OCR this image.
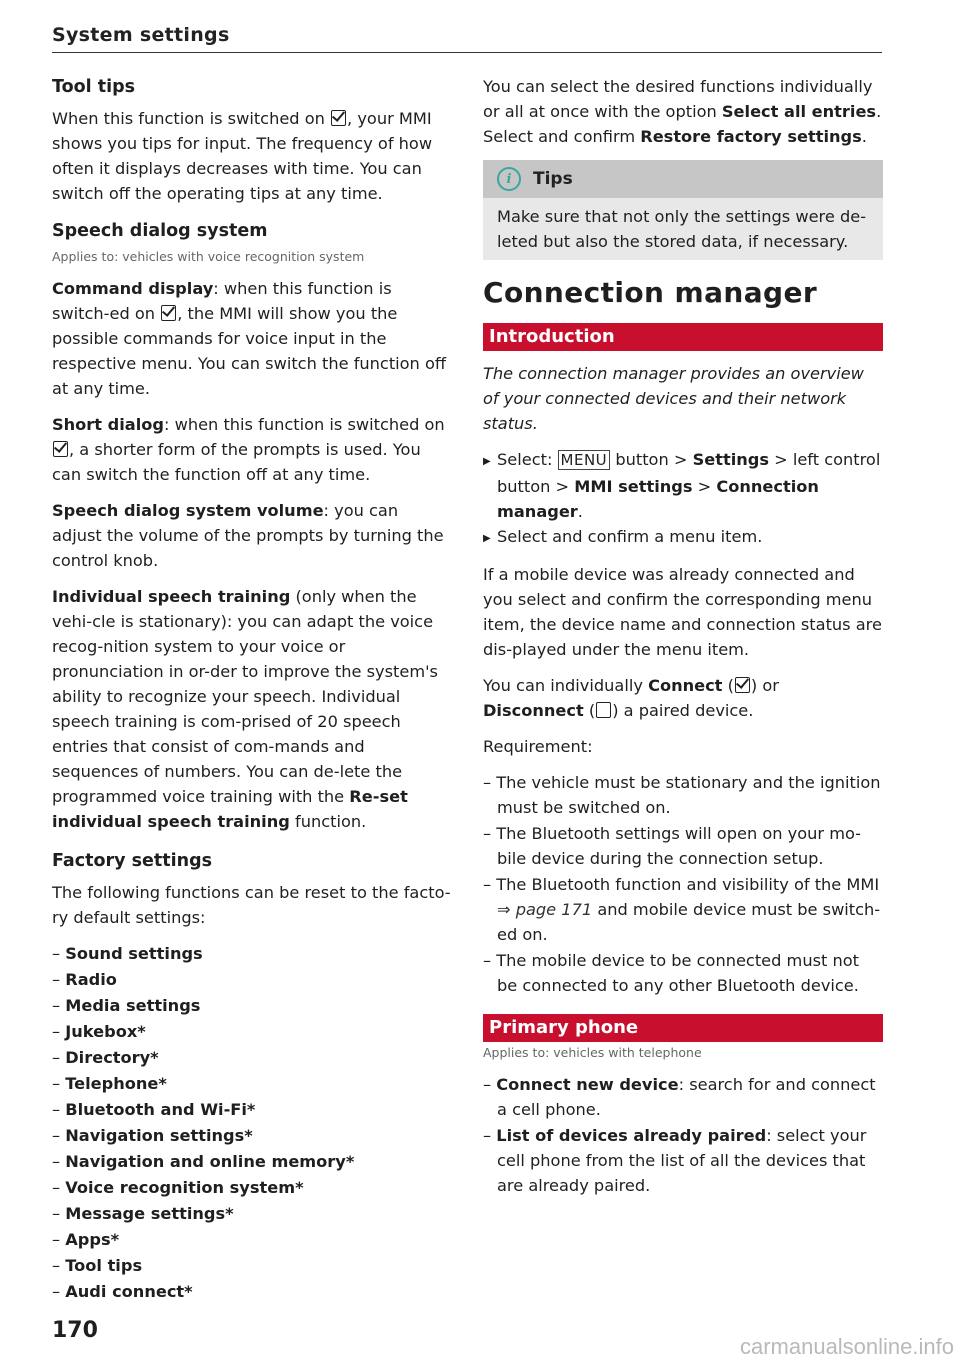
System settings
Tool tips

When this function is switched on , your MMI shows you tips for input. The frequency of how often it displays decreases with time. You can switch off the operating tips at any time.

Speech dialog system
Applies to: vehicles with voice recognition system

Command display: when this function is switch-ed on , the MMI will show you the possible commands for voice input in the respective menu. You can switch the function off at any time.

Short dialog: when this function is switched on , a shorter form of the prompts is used. You can switch the function off at any time.

Speech dialog system volume: you can adjust the volume of the prompts by turning the control knob.

Individual speech training (only when the vehi-cle is stationary): you can adapt the voice recog-nition system to your voice or pronunciation in or-der to improve the system's ability to recognize your speech. Individual speech training is com-prised of 20 speech entries that consist of com-mands and sequences of numbers. You can de-lete the programmed voice training with the Re-set individual speech training function.

Factory settings

The following functions can be reset to the facto-ry default settings:

– Sound settings
– Radio
– Media settings
– Jukebox*
– Directory*
– Telephone*
– Bluetooth and Wi-Fi*
– Navigation settings*
– Navigation and online memory*
– Voice recognition system*
– Message settings*
– Apps*
– Tool tips
– Audi connect*

You can select the desired functions individually or all at once with the option Select all entries. Select and confirm Restore factory settings.

i	Tips
Make sure that not only the settings were de-leted but also the stored data, if necessary.
Connection manager
Introduction

The connection manager provides an overview of your connected devices and their network status.

▶ Select: MENU button > Settings > left control button > MMI settings > Connection manager.
▶ Select and confirm a menu item.

If a mobile device was already connected and you select and confirm the corresponding menu item, the device name and connection status are dis-played under the menu item.

You can individually Connect ( ) or Disconnect ( ) a paired device.

Requirement:

– The vehicle must be stationary and the ignition must be switched on.
– The Bluetooth settings will open on your mo-bile device during the connection setup.
– The Bluetooth function and visibility of the MMI ⇒ page 171 and mobile device must be switch-ed on.
– The mobile device to be connected must not be connected to any other Bluetooth device.
Primary phone
Applies to: vehicles with telephone
– Connect new device: search for and connect a cell phone.
– List of devices already paired: select your cell phone from the list of all the devices that are already paired.
170
carmanualsonline.info
